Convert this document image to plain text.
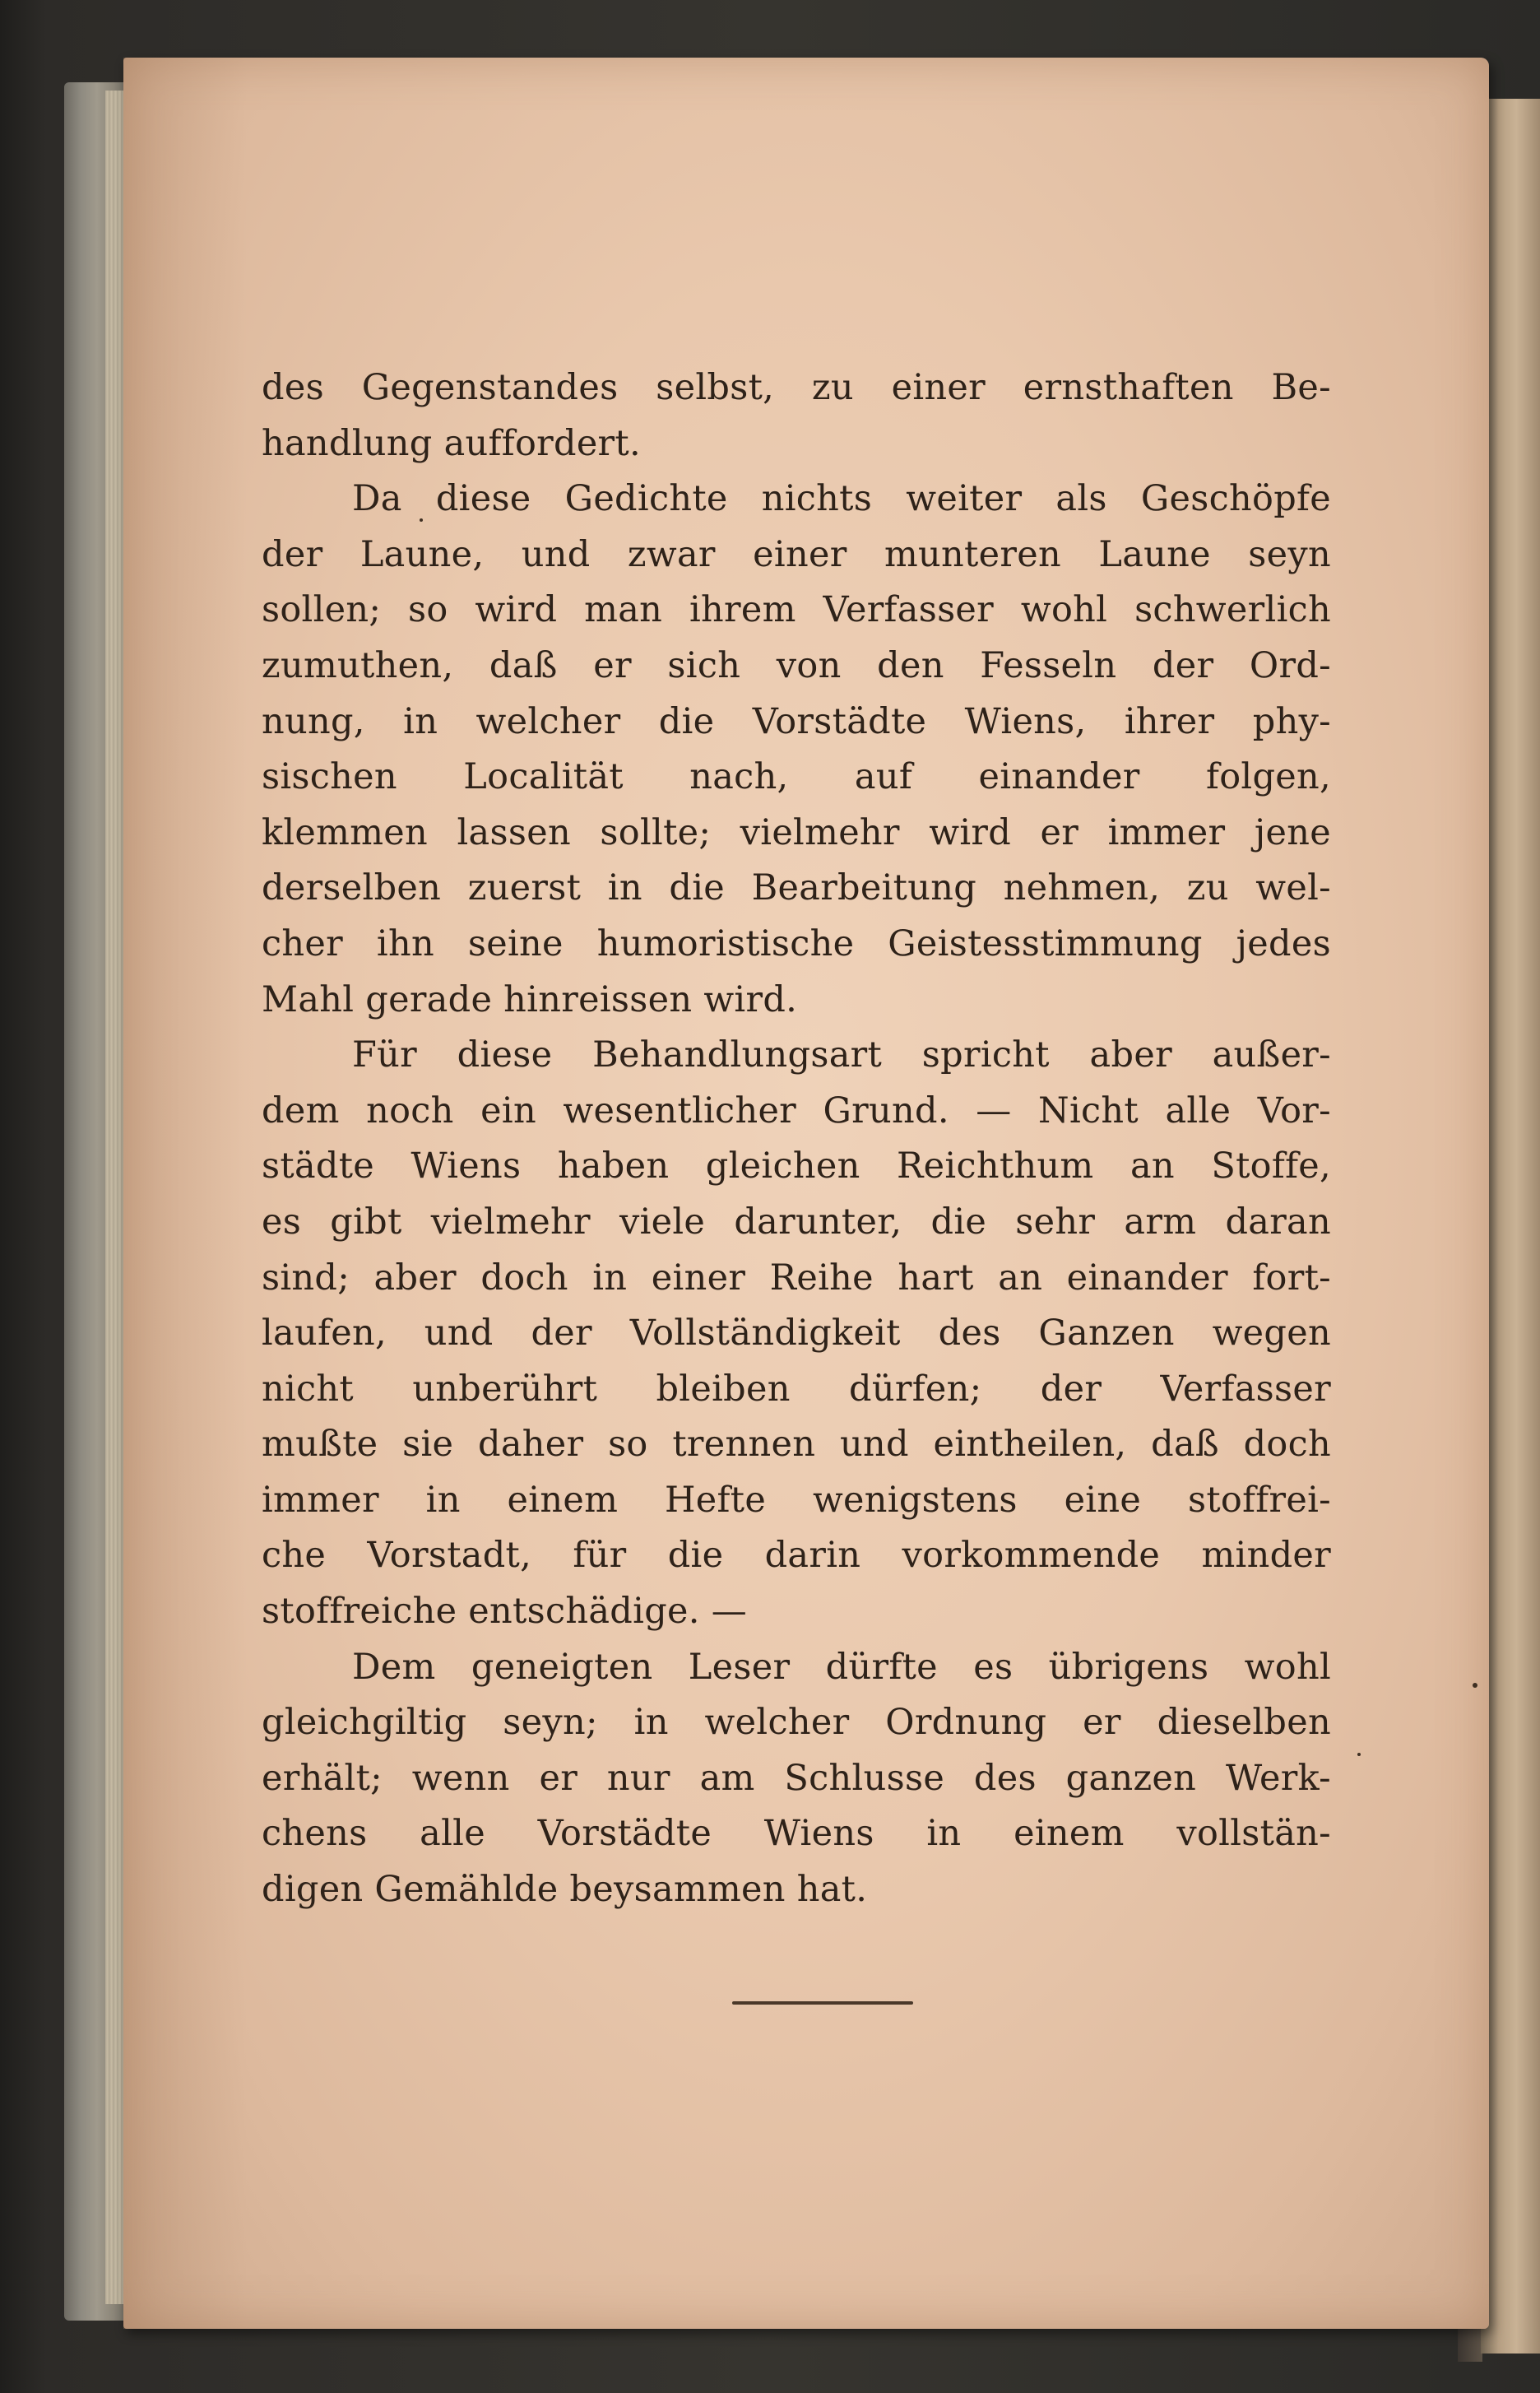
des Gegenstandes selbst, zu einer ernsthaften Be-
handlung auffordert.
Da diese Gedichte nichts weiter als Geschöpfe
der Laune, und zwar einer munteren Laune seyn
sollen; so wird man ihrem Verfasser wohl schwerlich
zumuthen, daß er sich von den Fesseln der Ord-
nung, in welcher die Vorstädte Wiens, ihrer phy-
sischen Localität nach, auf einander folgen,
klemmen lassen sollte; vielmehr wird er immer jene
derselben zuerst in die Bearbeitung nehmen, zu wel-
cher ihn seine humoristische Geistesstimmung jedes
Mahl gerade hinreissen wird.
Für diese Behandlungsart spricht aber außer-
dem noch ein wesentlicher Grund. — Nicht alle Vor-
städte Wiens haben gleichen Reichthum an Stoffe,
es gibt vielmehr viele darunter, die sehr arm daran
sind; aber doch in einer Reihe hart an einander fort-
laufen, und der Vollständigkeit des Ganzen wegen
nicht unberührt bleiben dürfen; der Verfasser
mußte sie daher so trennen und eintheilen, daß doch
immer in einem Hefte wenigstens eine stoffrei-
che Vorstadt, für die darin vorkommende minder
stoffreiche entschädige. —
Dem geneigten Leser dürfte es übrigens wohl
gleichgiltig seyn; in welcher Ordnung er dieselben
erhält; wenn er nur am Schlusse des ganzen Werk-
chens alle Vorstädte Wiens in einem vollstän-
digen Gemählde beysammen hat.
